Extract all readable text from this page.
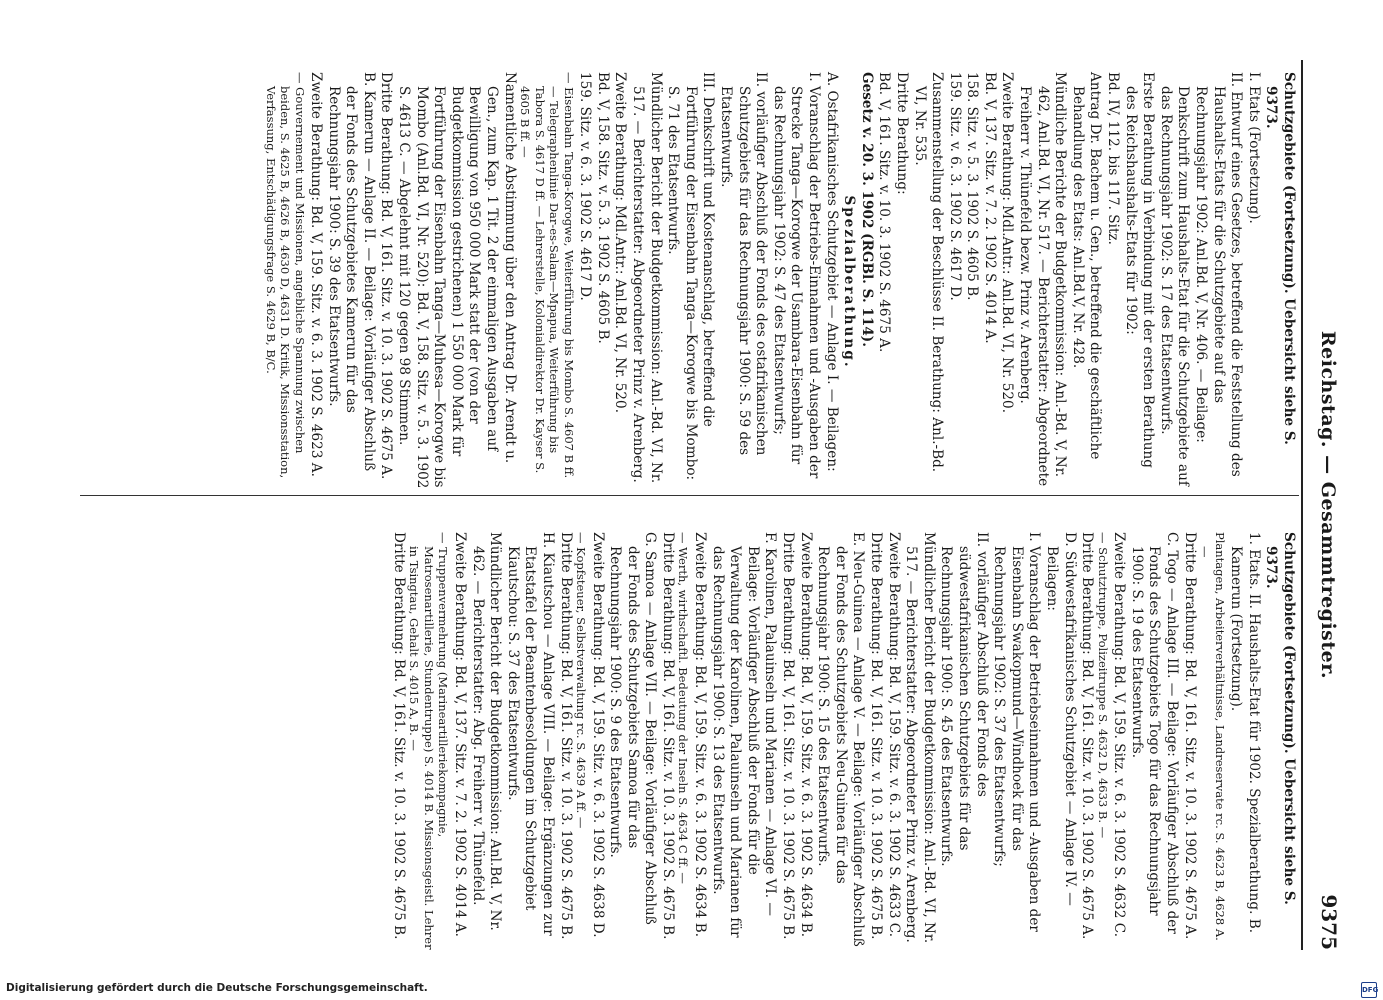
Reichstag. — Gesammtregister.
9375

Schutzgebiete (Fortsetzung). Uebersicht siehe S. 9373.

I. Etats (Fortsetzung).

II. Entwurf eines Gesetzes, betreffend die Feststellung des Haushalts-Etats für die Schutzgebiete auf das Rechnungsjahr 1902: Anl.Bd. V, Nr. 406. — Beilage: Denkschrift zum Haushalts-Etat für die Schutzgebiete auf das Rechnungsjahr 1902: S. 17 des Etatsentwurfs.

Erste Berathung in Verbindung mit der ersten Berathung des Reichshaushalts-Etats für 1902:

Bd. IV, 112. bis 117. Sitz.

Antrag Dr. Bachem u. Gen., betreffend die geschäftliche Behandlung des Etats: Anl.Bd.V, Nr. 428.

Mündliche Berichte der Budgetkommission: Anl.-Bd. V, Nr. 462, Anl.Bd. VI, Nr. 517. — Berichterstatter: Abgeordnete Freiherr v. Thünefeld bezw. Prinz v. Arenberg.

Zweite Berathung: Mdl.Antr.: Anl.Bd. VI, Nr. 520.

Bd. V, 137. Sitz. v. 7. 2. 1902 S. 4014 A.

158. Sitz. v. 5. 3. 1902 S. 4605 B.

159. Sitz. v. 6. 3. 1902 S. 4617 D.

Zusammenstellung der Beschlüsse II. Berathung: Anl.-Bd. VI, Nr. 535.

Dritte Berathung:

Bd. V, 161. Sitz. v. 10. 3. 1902 S. 4675 A.

Gesetz v. 20. 3. 1902 (RGBl. S. 114).

Spezialberathung.

A. Ostafrikanisches Schutzgebiet — Anlage I. — Beilagen:

I. Voranschlag der Betriebs-Einnahmen und -Ausgaben der Strecke Tanga—Korogwe der Usambara-Eisenbahn für das Rechnungsjahr 1902: S. 47 des Etatsentwurfs;

II. vorläufiger Abschluß der Fonds des ostafrikanischen Schutzgebiets für das Rechnungsjahr 1900: S. 59 des Etatsentwurfs.

III. Denkschrift und Kostenanschlag, betreffend die Fortführung der Eisenbahn Tanga—Korogwe bis Mombo: S. 71 des Etatsentwurfs.

Mündlicher Bericht der Budgetkommission: Anl.-Bd. VI, Nr. 517. — Berichterstatter: Abgeordneter Prinz v. Arenberg.

Zweite Berathung: Mdl.Antr.: Anl.Bd. VI, Nr. 520.

Bd. V, 158. Sitz. v. 5. 3. 1902 S. 4605 B.

159. Sitz. v. 6. 3. 1902 S. 4617 D.

— Eisenbahn Tanga-Korogwe, Weiterführung bis Mombo S. 4607 B ff. — Telegraphenlinie Dar-es-Salam—Mpapua, Weiterführung bis Tabora S. 4617 D ff. — Lehrerstelle, Kolonialdirektor Dr. Kayser S. 4605 B ff. —

Namentliche Abstimmung über den Antrag Dr. Arendt u. Gen., zum Kap. 1 Tit. 2 der einmaligen Ausgaben auf Bewilligung von 950 000 Mark statt der (von der Budgetkommission gestrichenen) 1 550 000 Mark für Fortführung der Eisenbahn Tanga—Muhesa—Korogwe bis Mombo (Anl.Bd. VI, Nr. 520): Bd. V, 158. Sitz. v. 5. 3. 1902 S. 4613 C. — Abgelehnt mit 120 gegen 98 Stimmen.

Dritte Berathung: Bd. V, 161. Sitz. v. 10. 3. 1902 S. 4675 A.

B. Kamerun — Anlage II. — Beilage: Vorläufiger Abschluß der Fonds des Schutzgebietes Kamerun für das Rechnungsjahr 1900: S. 39 des Etatsentwurfs.

Zweite Berathung: Bd. V, 159. Sitz. v. 6. 3. 1902 S. 4623 A.

— Gouvernement und Missionen, angebliche Spannung zwischen beiden, S. 4625 B, 4626 B, 4630 D, 4631 D. Kritik, Missionsstation, Verfassung, Entschädigungsfrage S. 4629 B, B/C.

Schutzgebiete (Fortsetzung). Uebersicht siehe S. 9373.

1. Etats. II. Haushalts-Etat für 1902. Spezialberathung. B. Kamerun (Fortsetzung).

Plantagen, Arbeiterverhältnisse, Landreservate rc. S. 4623 B, 4628 A. —

Dritte Berathung: Bd. V, 161. Sitz. v. 10. 3. 1902 S. 4675 A.

C. Togo — Anlage III. — Beilage: Vorläufiger Abschluß der Fonds des Schutzgebiets Togo für das Rechnungsjahr 1900: S. 19 des Etatsentwurfs.

Zweite Berathung: Bd. V, 159. Sitz. v. 6. 3. 1902 S. 4632 C.

— Schutztruppe, Polizeitruppe S. 4632 D, 4633 B. —

Dritte Berathung: Bd. V, 161. Sitz. v. 10. 3. 1902 S. 4675 A.

D. Südwestafrikanisches Schutzgebiet — Anlage IV. — Beilagen:

I. Voranschlag der Betriebseinnahmen und -Ausgaben der Eisenbahn Swakopmund—Windhoek für das Rechnungsjahr 1902: S. 37 des Etatsentwurfs;

II. vorläufiger Abschluß der Fonds des südwestafrikanischen Schutzgebiets für das Rechnungsjahr 1900: S. 45 des Etatsentwurfs.

Mündlicher Bericht der Budgetkommission: Anl.-Bd. VI, Nr. 517. — Berichterstatter: Abgeordneter Prinz v. Arenberg.

Zweite Berathung: Bd. V, 159. Sitz. v. 6. 3. 1902 S. 4633 C.

Dritte Berathung: Bd. V, 161. Sitz. v. 10. 3. 1902 S. 4675 B.

E. Neu-Guinea — Anlage V. — Beilage: Vorläufiger Abschluß der Fonds des Schutzgebiets Neu-Guinea für das Rechnungsjahr 1900: S. 15 des Etatsentwurfs.

Zweite Berathung: Bd. V, 159. Sitz. v. 6. 3. 1902 S. 4634 B.

Dritte Berathung: Bd. V, 161. Sitz. v. 10. 3. 1902 S. 4675 B.

F. Karolinen, Palauinseln und Marianen — Anlage VI. — Beilage: Vorläufiger Abschluß der Fonds für die Verwaltung der Karolinen, Palauinseln und Marianen für das Rechnungsjahr 1900: S. 13 des Etatsentwurfs.

Zweite Berathung: Bd. V, 159. Sitz. v. 6. 3. 1902 S. 4634 B.

— Werth, wirthschaftl. Bedeutung der Inseln S. 4634 C ff. —

Dritte Berathung: Bd. V, 161. Sitz. v. 10. 3. 1902 S. 4675 B.

G. Samoa — Anlage VII. — Beilage: Vorläufiger Abschluß der Fonds des Schutzgebiets Samoa für das Rechnungsjahr 1900: S. 9 des Etatsentwurfs.

Zweite Berathung: Bd. V, 159. Sitz. v. 6. 3. 1902 S. 4638 D.

— Kopfsteuer, Selbstverwaltung rc. S. 4639 A ff. —

Dritte Berathung: Bd. V, 161. Sitz. v. 10. 3. 1902 S. 4675 B.

H. Kiautschou — Anlage VIII. — Beilage: Ergänzungen zur Etatstafel der Beamtenbesoldungen im Schutzgebiet Kiautschou: S. 37 des Etatsentwurfs.

Mündlicher Bericht der Budgetkommission: Anl.Bd. V, Nr. 462. — Berichterstatter: Abg. Freiherr v. Thünefeld.

Zweite Berathung: Bd. V, 137. Sitz. v. 7. 2. 1902 S. 4014 A.

— Truppenvermehrung (Marineartilleriekompagnie, Matrosenartillerie, Stundentruppe) S. 4014 B. Missionsgeistl. Lehrer in Tsingtau, Gehalt S. 4015 A, B. —

Dritte Berathung: Bd. V, 161. Sitz. v. 10. 3. 1902 S. 4675 B.

Digitalisierung gefördert durch die Deutsche Forschungsgemeinschaft.	DFG
